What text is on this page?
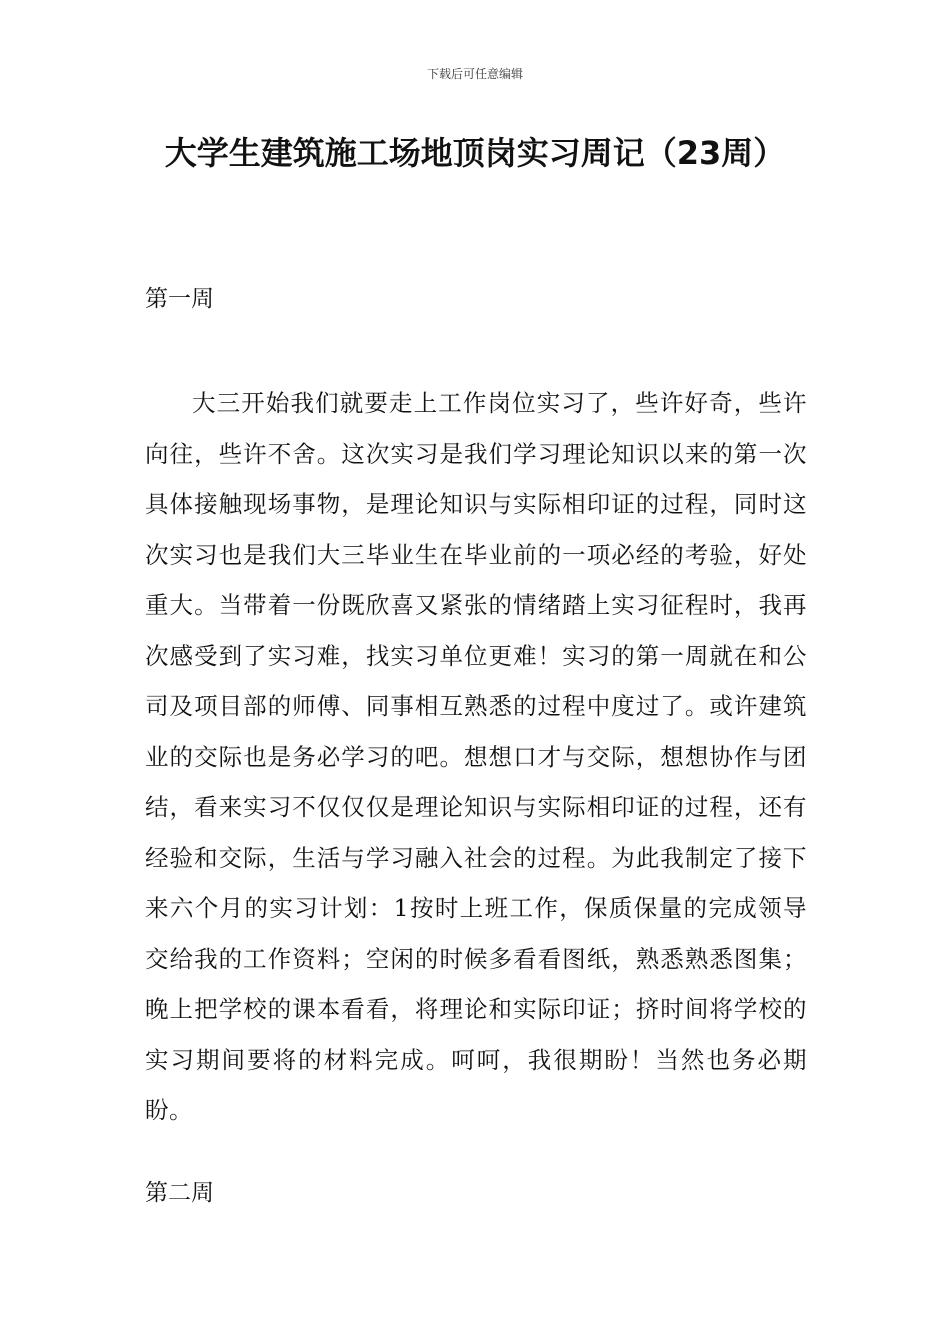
下载后可任意编辑
大学生建筑施工场地顶岗实习周记（23周）
第一周

大三开始我们就要走上工作岗位实习了，些许好奇，些许向往，些许不舍。这次实习是我们学习理论知识以来的第一次具体接触现场事物，是理论知识与实际相印证的过程，同时这次实习也是我们大三毕业生在毕业前的一项必经的考验，好处重大。当带着一份既欣喜又紧张的情绪踏上实习征程时，我再次感受到了实习难，找实习单位更难！实习的第一周就在和公司及项目部的师傅、同事相互熟悉的过程中度过了。或许建筑业的交际也是务必学习的吧。想想口才与交际，想想协作与团结，看来实习不仅仅仅是理论知识与实际相印证的过程，还有经验和交际，生活与学习融入社会的过程。为此我制定了接下来六个月的实习计划：1按时上班工作，保质保量的完成领导交给我的工作资料；空闲的时候多看看图纸，熟悉熟悉图集；晚上把学校的课本看看，将理论和实际印证；挤时间将学校的实习期间要将的材料完成。呵呵，我很期盼！当然也务必期盼。

第二周
